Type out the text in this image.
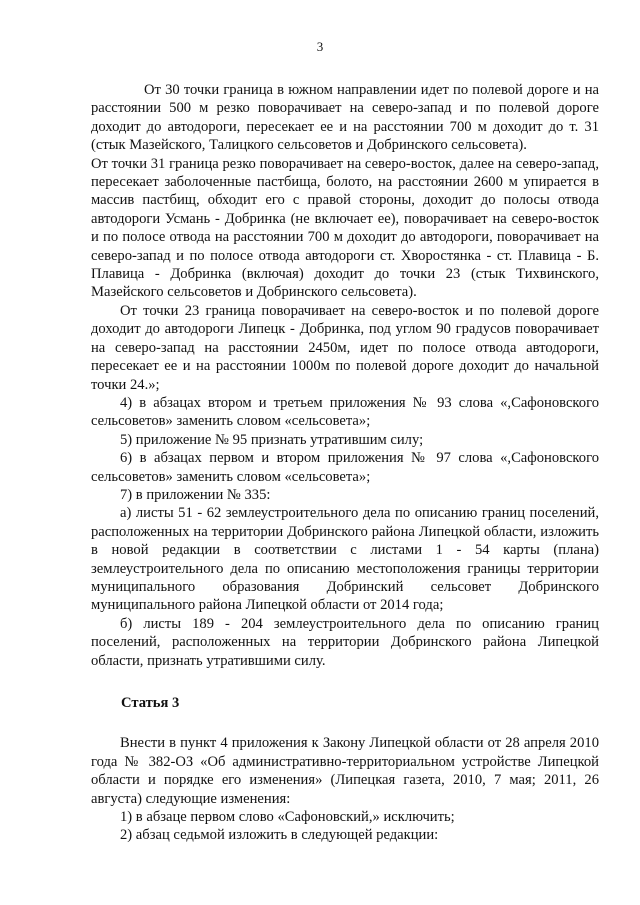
3

От 30 точки граница в южном направлении идет по полевой дороге и на расстоянии 500 м резко поворачивает на северо-запад и по полевой дороге доходит до автодороги, пересекает ее и на расстоянии 700 м доходит до т. 31 (стык Мазейского, Талицкого сельсоветов и Добринского сельсовета).

От точки 31 граница резко поворачивает на северо-восток, далее на северо-запад, пересекает заболоченные пастбища, болото, на расстоянии 2600 м упирается в массив пастбищ, обходит его с правой стороны, доходит до полосы отвода автодороги Усмань - Добринка (не включает ее), поворачивает на северо-восток и по полосе отвода на расстоянии 700 м доходит до автодороги, поворачивает на северо-запад и по полосе отвода автодороги ст. Хворостянка - ст. Плавица - Б. Плавица - Добринка (включая) доходит до точки 23 (стык Тихвинского, Мазейского сельсоветов и Добринского сельсовета).

От точки 23 граница поворачивает на северо-восток и по полевой дороге доходит до автодороги Липецк - Добринка, под углом 90 градусов поворачивает на северо-запад на расстоянии 2450м, идет по полосе отвода автодороги, пересекает ее и на расстоянии 1000м по полевой дороге доходит до начальной точки 24.»;

4) в абзацах втором и третьем приложения № 93 слова «,Сафоновского сельсоветов» заменить словом «сельсовета»;

5) приложение № 95 признать утратившим силу;

6) в абзацах первом и втором приложения № 97 слова «,Сафоновского сельсоветов» заменить словом «сельсовета»;

7) в приложении № 335:

а) листы 51 - 62 землеустроительного дела по описанию границ поселений, расположенных на территории Добринского района Липецкой области, изложить в новой редакции в соответствии с листами 1 - 54 карты (плана) землеустроительного дела по описанию местоположения границы территории муниципального образования Добринский сельсовет Добринского муниципального района Липецкой области от 2014 года;

б) листы 189 - 204 землеустроительного дела по описанию границ поселений, расположенных на территории Добринского района Липецкой области, признать утратившими силу.

Статья 3

Внести в пункт 4 приложения к Закону Липецкой области от 28 апреля 2010 года № 382-ОЗ «Об административно-территориальном устройстве Липецкой области и порядке его изменения» (Липецкая газета, 2010, 7 мая; 2011, 26 августа) следующие изменения:

1) в абзаце первом слово «Сафоновский,» исключить;

2) абзац седьмой изложить в следующей редакции:
